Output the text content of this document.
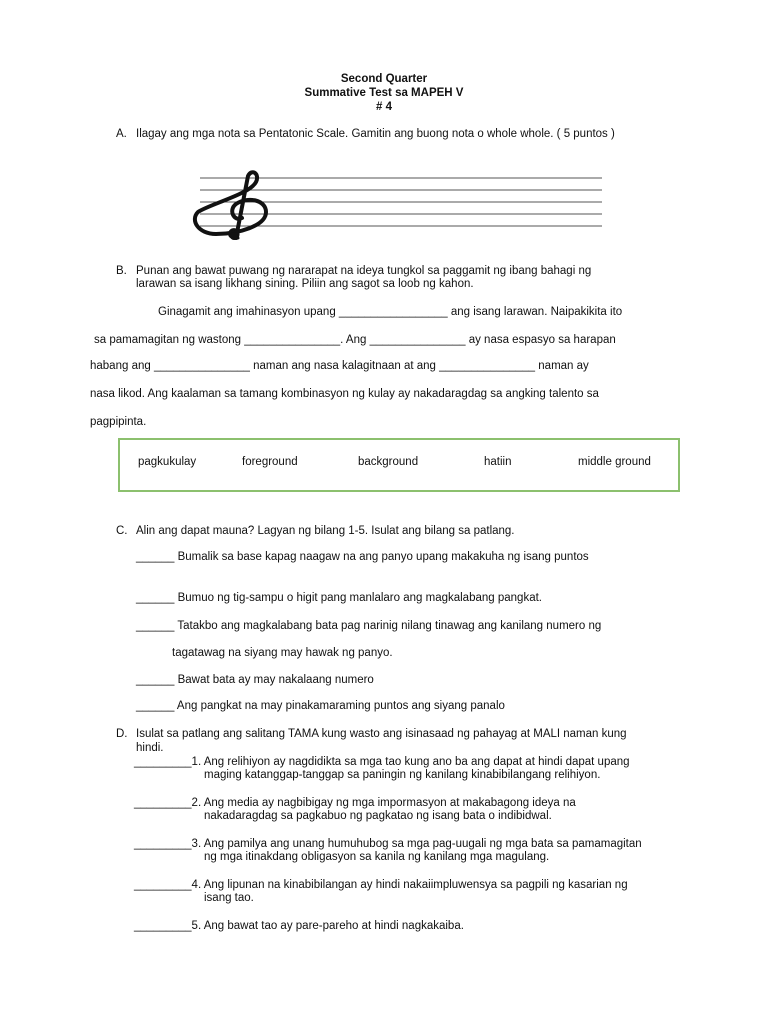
Second Quarter
Summative Test sa MAPEH V
# 4
A. Ilagay ang mga nota sa Pentatonic Scale. Gamitin ang buong nota o whole whole. ( 5 puntos )
B. Punan ang bawat puwang ng nararapat na ideya tungkol sa paggamit ng ibang bahagi ng
larawan sa isang likhang sining. Piliin ang sagot sa loob ng kahon.
Ginagamit ang imahinasyon upang _________________ ang isang larawan. Naipakikita ito
sa pamamagitan ng wastong _______________. Ang _______________ ay nasa espasyo sa harapan
habang ang _______________ naman ang nasa kalagitnaan at ang _______________ naman ay
nasa likod. Ang kaalaman sa tamang kombinasyon ng kulay ay nakadaragdag sa angking talento sa
pagpipinta.
pagkukulay	foreground	background	hatiin	middle ground
C. Alin ang dapat mauna? Lagyan ng bilang 1-5. Isulat ang bilang sa patlang.
______ Bumalik sa base kapag naagaw na ang panyo upang makakuha ng isang puntos
______ Bumuo ng tig-sampu o higit pang manlalaro ang magkalabang pangkat.
______ Tatakbo ang magkalabang bata pag narinig nilang tinawag ang kanilang numero ng
tagatawag na siyang may hawak ng panyo.
______ Bawat bata ay may nakalaang numero
______ Ang pangkat na may pinakamaraming puntos ang siyang panalo
D. Isulat sa patlang ang salitang TAMA kung wasto ang isinasaad ng pahayag at MALI naman kung
hindi.
_________1. Ang relihiyon ay nagdidikta sa mga tao kung ano ba ang dapat at hindi dapat upang
maging katanggap-tanggap sa paningin ng kanilang kinabibilangang relihiyon.
_________2. Ang media ay nagbibigay ng mga impormasyon at makabagong ideya na
nakadaragdag sa pagkabuo ng pagkatao ng isang bata o indibidwal.
_________3. Ang pamilya ang unang humuhubog sa mga pag-uugali ng mga bata sa pamamagitan
ng mga itinakdang obligasyon sa kanila ng kanilang mga magulang.
_________4. Ang lipunan na kinabibilangan ay hindi nakaiimpluwensya sa pagpili ng kasarian ng
isang tao.
_________5. Ang bawat tao ay pare-pareho at hindi nagkakaiba.
